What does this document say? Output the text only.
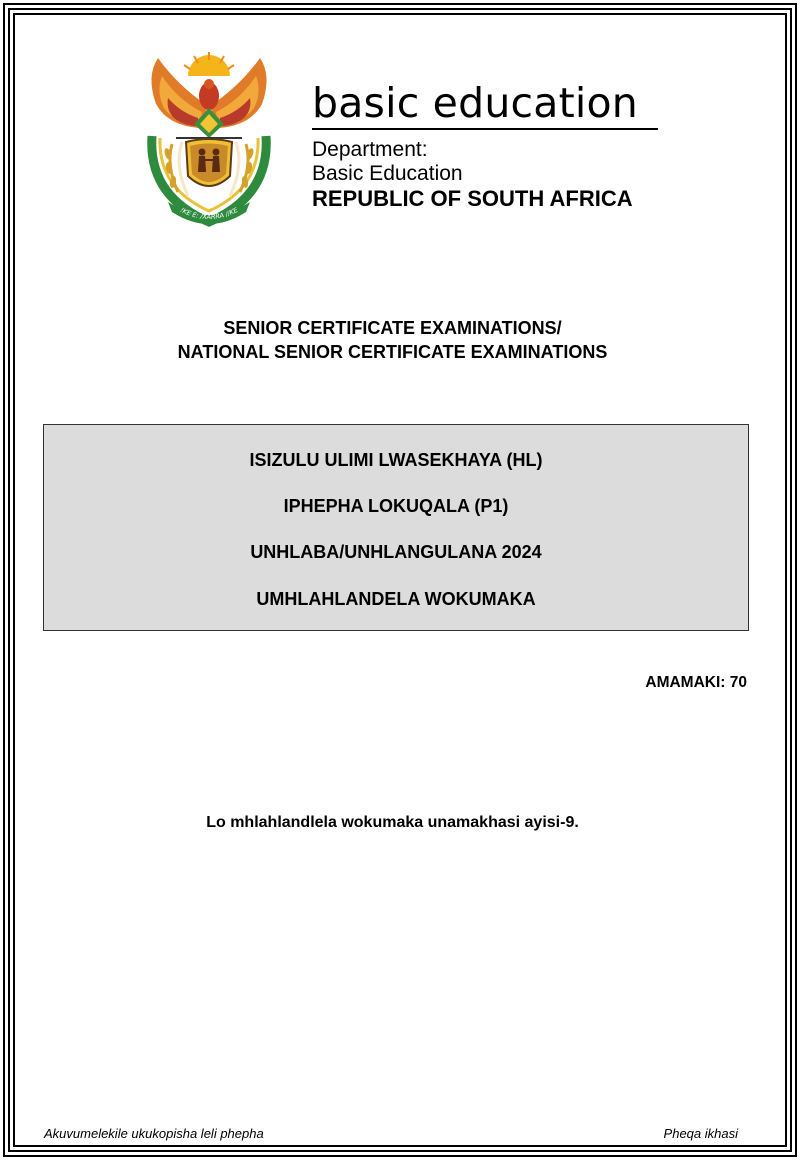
!KE E: /XARRA //KE
basic education
Department:
Basic Education
REPUBLIC OF SOUTH AFRICA
SENIOR CERTIFICATE EXAMINATIONS/
NATIONAL SENIOR CERTIFICATE EXAMINATIONS
ISIZULU ULIMI LWASEKHAYA (HL)
IPHEPHA LOKUQALA (P1)
UNHLABA/UNHLANGULANA 2024
UMHLAHLANDELA WOKUMAKA
AMAMAKI: 70
Lo mhlahlandlela wokumaka unamakhasi ayisi-9.
Akuvumelekile ukukopisha leli phepha	Pheqa ikhasi
